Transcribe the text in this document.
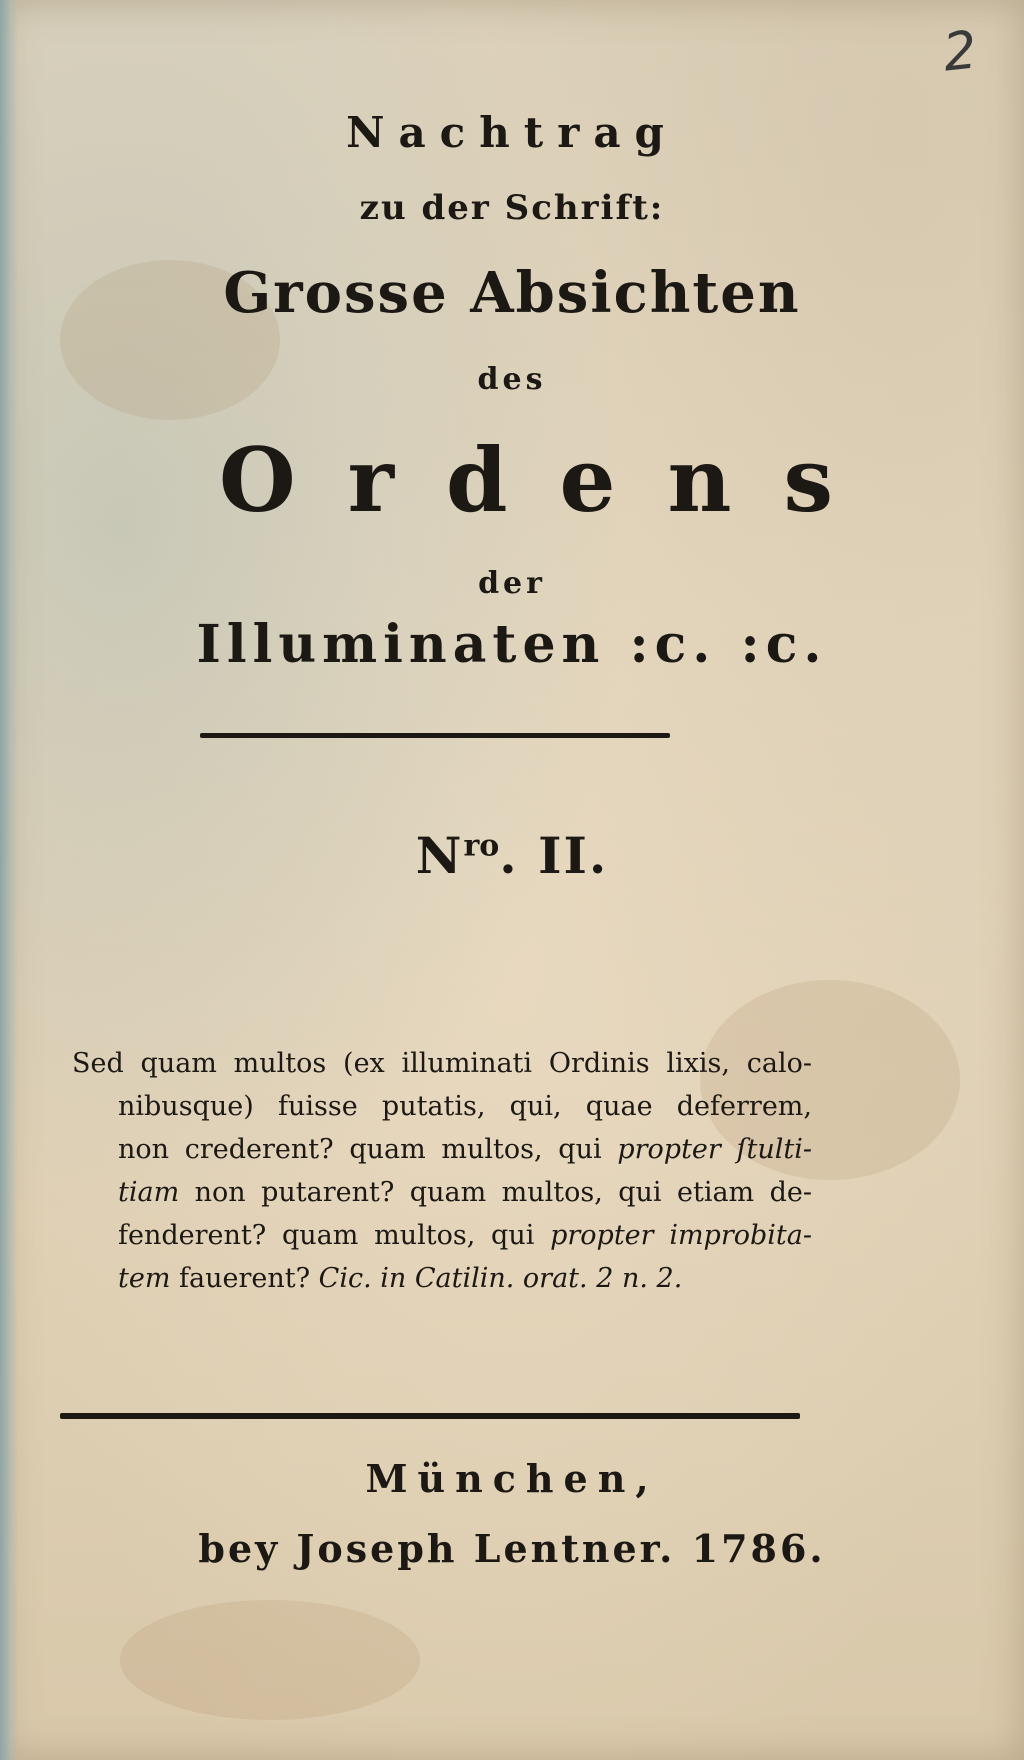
2
Nachtrag
zu der Schrift:
Grosse Absichten
des
Ordens
der
Illuminaten :c. :c.
$N^{ro}$. II.
Sed quam multos (ex illuminati Ordinis lixis, calo-
nibusque) fuisse putatis, qui, quae deferrem,
non crederent? quam multos, qui propter ſtulti-
tiam non putarent? quam multos, qui etiam de-
fenderent? quam multos, qui propter improbita-
tem fauerent? Cic. in Catilin. orat. 2 n. 2.
München,
bey Joseph Lentner. 1786.
